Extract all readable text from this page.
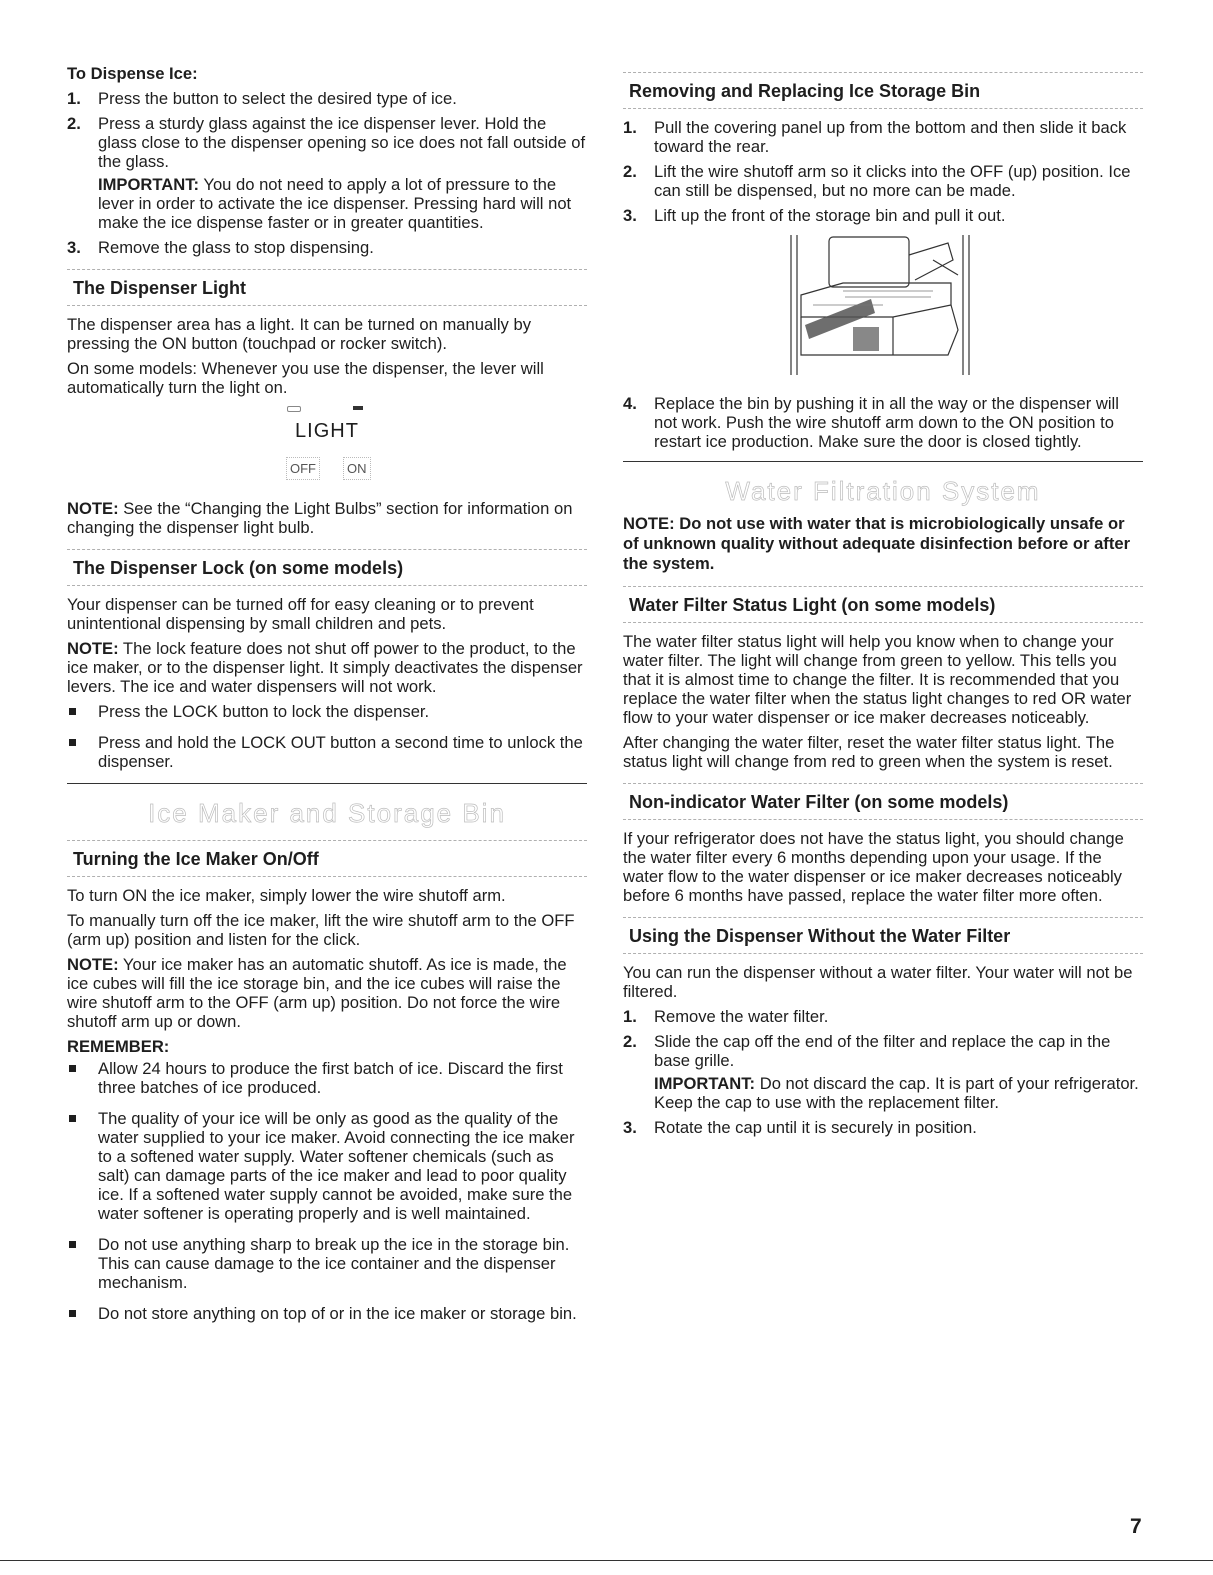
To Dispense Ice:

1. Press the button to select the desired type of ice.
2. Press a sturdy glass against the ice dispenser lever. Hold the glass close to the dispenser opening so ice does not fall outside of the glass.

IMPORTANT: You do not need to apply a lot of pressure to the lever in order to activate the ice dispenser. Pressing hard will not make the ice dispense faster or in greater quantities.

3. Remove the glass to stop dispensing.
The Dispenser Light

The dispenser area has a light. It can be turned on manually by pressing the ON button (touchpad or rocker switch).

On some models: Whenever you use the dispenser, the lever will automatically turn the light on.

LIGHT
OFF	ON

NOTE: See the “Changing the Light Bulbs” section for information on changing the dispenser light bulb.

The Dispenser Lock (on some models)

Your dispenser can be turned off for easy cleaning or to prevent unintentional dispensing by small children and pets.

NOTE: The lock feature does not shut off power to the product, to the ice maker, or to the dispenser light. It simply deactivates the dispenser levers. The ice and water dispensers will not work.

Press the LOCK button to lock the dispenser.
Press and hold the LOCK OUT button a second time to unlock the dispenser.
Ice Maker and Storage Bin
Turning the Ice Maker On/Off

To turn ON the ice maker, simply lower the wire shutoff arm.

To manually turn off the ice maker, lift the wire shutoff arm to the OFF (arm up) position and listen for the click.

NOTE: Your ice maker has an automatic shutoff. As ice is made, the ice cubes will fill the ice storage bin, and the ice cubes will raise the wire shutoff arm to the OFF (arm up) position. Do not force the wire shutoff arm up or down.

REMEMBER:

Allow 24 hours to produce the first batch of ice. Discard the first three batches of ice produced.
The quality of your ice will be only as good as the quality of the water supplied to your ice maker. Avoid connecting the ice maker to a softened water supply. Water softener chemicals (such as salt) can damage parts of the ice maker and lead to poor quality ice. If a softened water supply cannot be avoided, make sure the water softener is operating properly and is well maintained.
Do not use anything sharp to break up the ice in the storage bin. This can cause damage to the ice container and the dispenser mechanism.
Do not store anything on top of or in the ice maker or storage bin.
Removing and Replacing Ice Storage Bin
1. Pull the covering panel up from the bottom and then slide it back toward the rear.
2. Lift the wire shutoff arm so it clicks into the OFF (up) position. Ice can still be dispensed, but no more can be made.
3. Lift up the front of the storage bin and pull it out.
4. Replace the bin by pushing it in all the way or the dispenser will not work. Push the wire shutoff arm down to the ON position to restart ice production. Make sure the door is closed tightly.
Water Filtration System

NOTE: Do not use with water that is microbiologically unsafe or of unknown quality without adequate disinfection before or after the system.

Water Filter Status Light (on some models)

The water filter status light will help you know when to change your water filter. The light will change from green to yellow. This tells you that it is almost time to change the filter. It is recommended that you replace the water filter when the status light changes to red OR water flow to your water dispenser or ice maker decreases noticeably.

After changing the water filter, reset the water filter status light. The status light will change from red to green when the system is reset.

Non-indicator Water Filter (on some models)

If your refrigerator does not have the status light, you should change the water filter every 6 months depending upon your usage. If the water flow to the water dispenser or ice maker decreases noticeably before 6 months have passed, replace the water filter more often.

Using the Dispenser Without the Water Filter

You can run the dispenser without a water filter. Your water will not be filtered.

1. Remove the water filter.
2. Slide the cap off the end of the filter and replace the cap in the base grille.

IMPORTANT: Do not discard the cap. It is part of your refrigerator. Keep the cap to use with the replacement filter.

3. Rotate the cap until it is securely in position.
7
